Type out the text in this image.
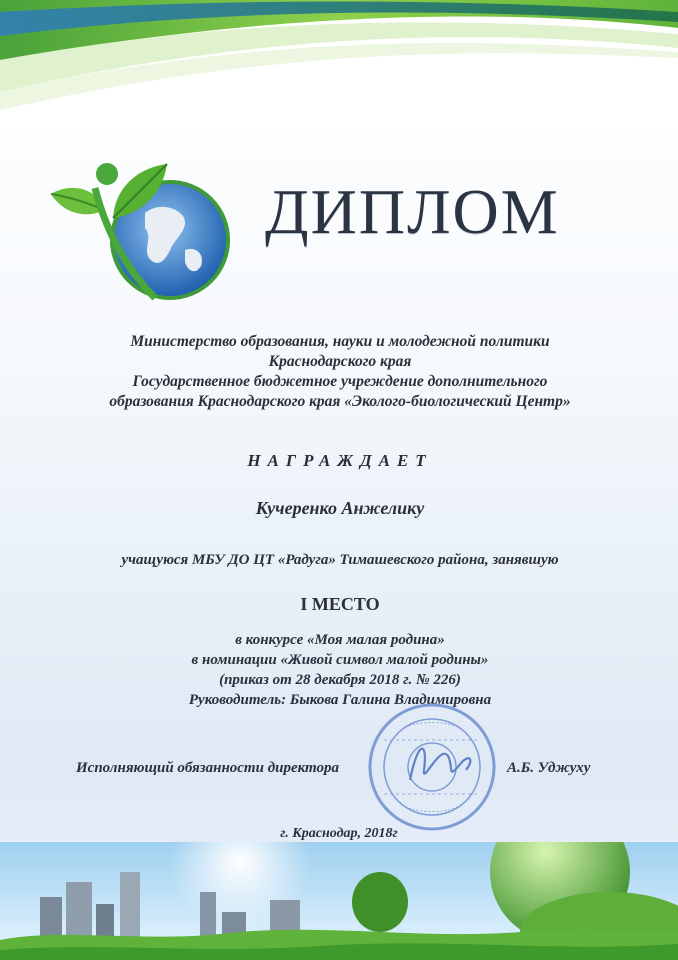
ДИПЛОМ
Министерство образования, науки и молодежной политики
Краснодарского края
Государственное бюджетное учреждение дополнительного
образования Краснодарского края «Эколого-биологический Центр»
НАГРАЖДАЕТ
Кучеренко Анжелику
учащуюся МБУ ДО ЦТ «Радуга» Тимашевского района, занявшую
I МЕСТО
в конкурсе «Моя малая родина»
в номинации «Живой символ малой родины»
(приказ от 28 декабря 2018 г. № 226)
Руководитель: Быкова Галина Владимировна
Исполняющий обязанности директора	А.Б. Уджуху
г. Краснодар, 2018г
